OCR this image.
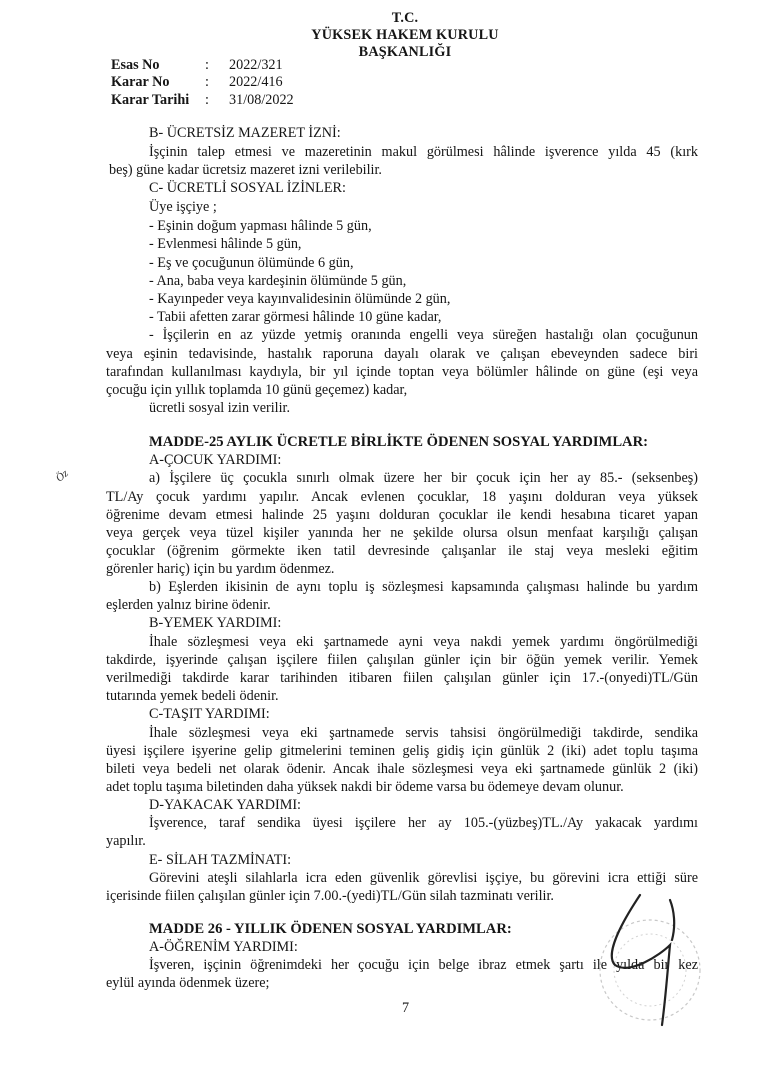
T.C.
YÜKSEK HAKEM KURULU
BAŞKANLIĞI
Esas No	: 2022/321
Karar No	: 2022/416
Karar Tarihi : 31/08/2022
B- ÜCRETSİZ MAZERET İZNİ:
İşçinin talep etmesi ve mazeretinin makul görülmesi hâlinde işverence yılda 45 (kırk
beş) güne kadar ücretsiz mazeret izni verilebilir.
C- ÜCRETLİ SOSYAL İZİNLER:
Üye işçiye ;
- Eşinin doğum yapması hâlinde 5 gün,
- Evlenmesi hâlinde 5 gün,
- Eş ve çocuğunun ölümünde 6 gün,
- Ana, baba veya kardeşinin ölümünde 5 gün,
- Kayınpeder veya kayınvalidesinin ölümünde 2 gün,
- Tabii afetten zarar görmesi hâlinde 10 güne kadar,
- İşçilerin en az yüzde yetmiş oranında engelli veya süreğen hastalığı olan çocuğunun
veya eşinin tedavisinde, hastalık raporuna dayalı olarak ve çalışan ebeveynden sadece biri
tarafından kullanılması kaydıyla, bir yıl içinde toptan veya bölümler hâlinde on güne (eşi veya
çocuğu için yıllık toplamda 10 günü geçemez) kadar,
ücretli sosyal izin verilir.
MADDE-25 AYLIK ÜCRETLE BİRLİKTE ÖDENEN SOSYAL YARDIMLAR:
A-ÇOCUK YARDIMI:
a) İşçilere üç çocukla sınırlı olmak üzere her bir çocuk için her ay 85.- (seksenbeş)
TL/Ay çocuk yardımı yapılır. Ancak evlenen çocuklar, 18 yaşını dolduran veya yüksek
öğrenime devam etmesi halinde 25 yaşını dolduran çocuklar ile kendi hesabına ticaret yapan
veya gerçek veya tüzel kişiler yanında her ne şekilde olursa olsun menfaat karşılığı çalışan
çocuklar (öğrenim görmekte iken tatil devresinde çalışanlar ile staj veya mesleki eğitim
görenler hariç) için bu yardım ödenmez.
b) Eşlerden ikisinin de aynı toplu iş sözleşmesi kapsamında çalışması halinde bu yardım
eşlerden yalnız birine ödenir.
B-YEMEK YARDIMI:
İhale sözleşmesi veya eki şartnamede ayni veya nakdi yemek yardımı öngörülmediği
takdirde, işyerinde çalışan işçilere fiilen çalışılan günler için bir öğün yemek verilir. Yemek
verilmediği takdirde karar tarihinden itibaren fiilen çalışılan günler için 17.-(onyedi)TL/Gün
tutarında yemek bedeli ödenir.
C-TAŞIT YARDIMI:
İhale sözleşmesi veya eki şartnamede servis tahsisi öngörülmediği takdirde, sendika
üyesi işçilere işyerine gelip gitmelerini teminen geliş gidiş için günlük 2 (iki) adet toplu taşıma
bileti veya bedeli net olarak ödenir. Ancak ihale sözleşmesi veya eki şartnamede günlük 2 (iki)
adet toplu taşıma biletinden daha yüksek nakdi bir ödeme varsa bu ödemeye devam olunur.
D-YAKACAK YARDIMI:
İşverence, taraf sendika üyesi işçilere her ay 105.-(yüzbeş)TL./Ay yakacak yardımı
yapılır.
E- SİLAH TAZMİNATI:
Görevini ateşli silahlarla icra eden güvenlik görevlisi işçiye, bu görevini icra ettiği süre
içerisinde fiilen çalışılan günler için 7.00.-(yedi)TL/Gün silah tazminatı verilir.
MADDE 26 - YILLIK ÖDENEN SOSYAL YARDIMLAR:
A-ÖĞRENİM YARDIMI:
İşveren, işçinin öğrenimdeki her çocuğu için belge ibraz etmek şartı ile yılda bir kez
eylül ayında ödenmek üzere;
Öz
7
